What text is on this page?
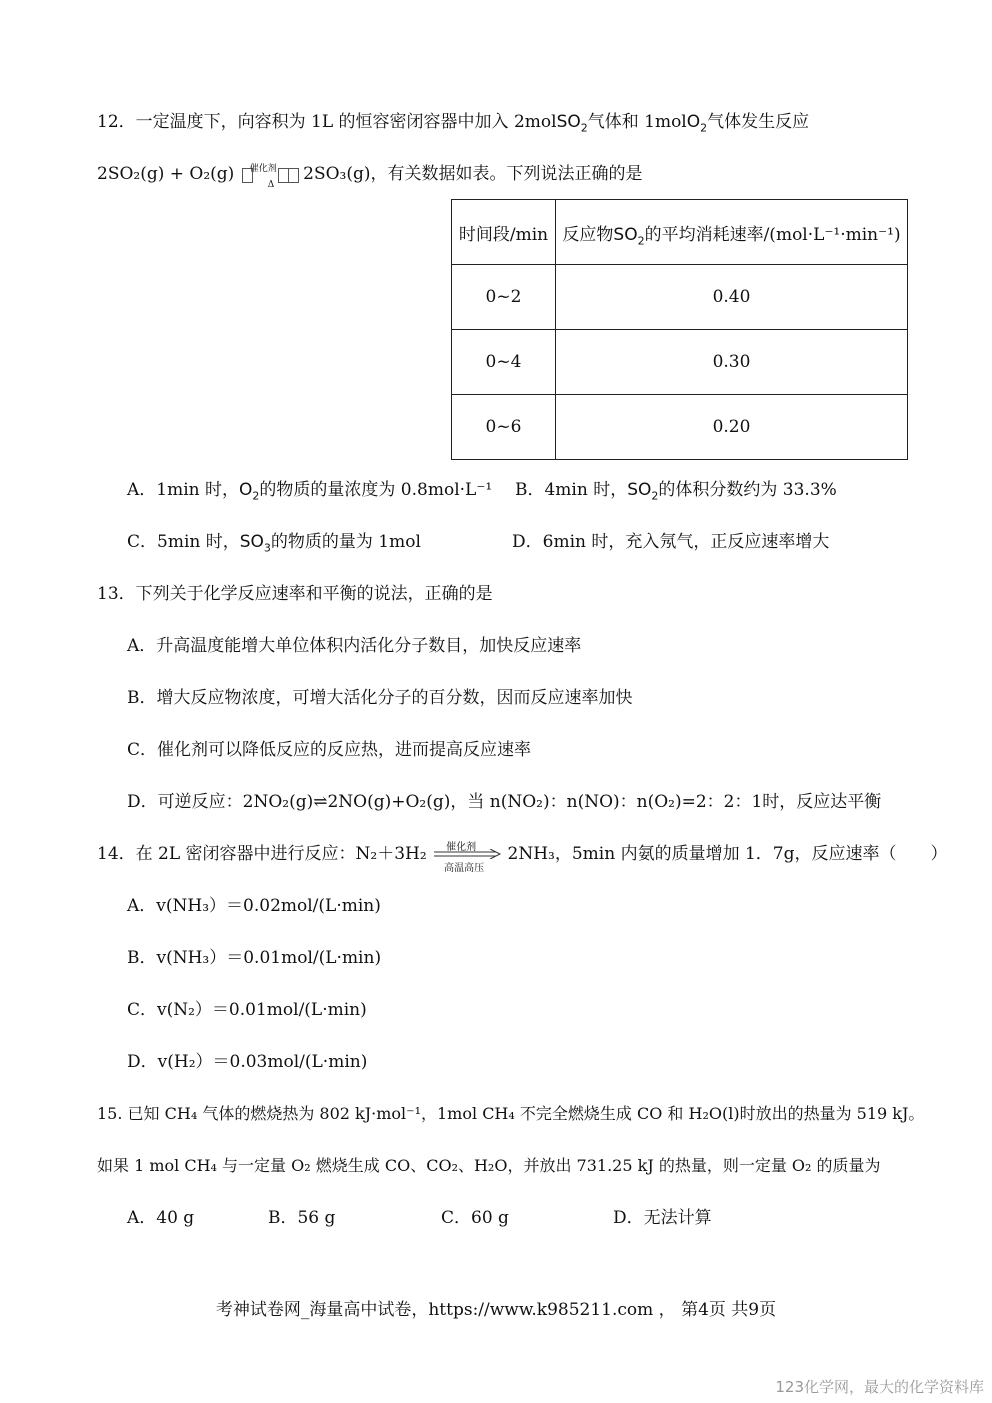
12．一定温度下，向容积为 1L 的恒容密闭容器中加入 2molSO$_2$气体和 1molO$_2$气体发生反应
2SO₂(g) + O₂(g) 催化剂
Δ
2SO₃(g)，有关数据如表。下列说法正确的是
时间段/min	反应物$SO_2$的平均消耗速率/(mol·L⁻¹·min⁻¹)
0~2	0.40
0~4	0.30
0~6	0.20
A．1min 时，$O_2$的物质的量浓度为 0.8mol·L⁻¹ B．4min 时，$SO_2$的体积分数约为 33.3%
C．5min 时，$SO_3$的物质的量为 1mol	D．6min 时，充入氖气，正反应速率增大
13．下列关于化学反应速率和平衡的说法，正确的是
A．升高温度能增大单位体积内活化分子数目，加快反应速率
B．增大反应物浓度，可增大活化分子的百分数，因而反应速率加快
C．催化剂可以降低反应的反应热，进而提高反应速率
D．可逆反应：2NO₂(g)⇌2NO(g)+O₂(g)，当 n(NO₂)：n(NO)：n(O₂)=2：2：1时，反应达平衡
14．在 2L 密闭容器中进行反应：N₂＋3H₂ 催化剂
高温高压
2NH₃，5min 内氨的质量增加 1．7g，反应速率（　　）
A．v(NH₃）＝0.02mol/(L·min)
B．v(NH₃）＝0.01mol/(L·min)
C．v(N₂）＝0.01mol/(L·min)
D．v(H₂）＝0.03mol/(L·min)
15. 已知 CH₄ 气体的燃烧热为 802 kJ·mol⁻¹，1mol CH₄ 不完全燃烧生成 CO 和 H₂O(l)时放出的热量为 519 kJ。
如果 1 mol CH₄ 与一定量 O₂ 燃烧生成 CO、CO₂、H₂O，并放出 731.25 kJ 的热量，则一定量 O₂ 的质量为
A．40 g	B．56 g	C．60 g	D．无法计算
考神试卷网_海量高中试卷，https://www.k985211.com ， 第4页 共9页
123化学网，最大的化学资料库
